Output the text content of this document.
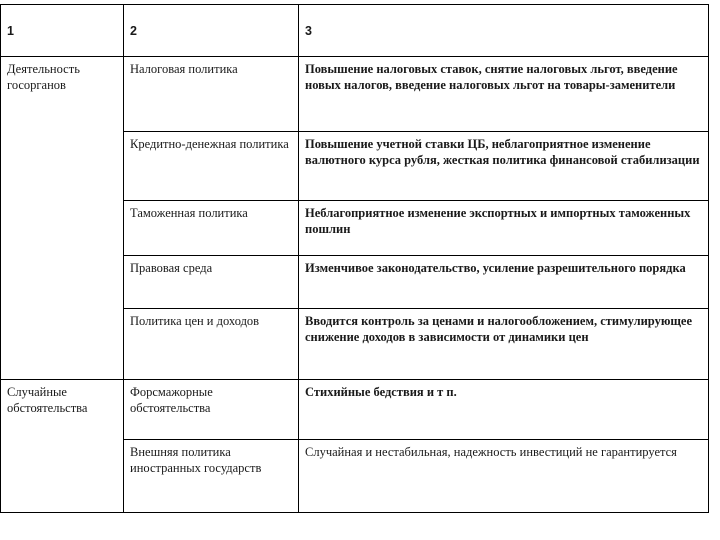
1	2	3

Деятельность госорганов	Налоговая политика	Повышение налоговых ставок, снятие налоговых льгот, введение новых налогов, введение налоговых льгот на товары-заменители
	Кредитно-денежная политика	Повышение учетной ставки ЦБ, неблагоприятное изменение валютного курса рубля, жесткая политика финансовой стабилизации
	Таможенная политика	Неблагоприятное изменение экспортных и импортных таможенных пошлин
	Правовая среда	Изменчивое законодательство, усиление разрешительного порядка
	Политика цен и доходов	Вводится контроль за ценами и налогообложением, стимулирующее снижение доходов в зависимости от динамики цен

Случайные обстоятельства	Форсмажорные обстоятельства	Стихийные бедствия и т п.
	Внешняя политика иностранных государств	Случайная и нестабильная, надежность инвестиций не гарантируется
